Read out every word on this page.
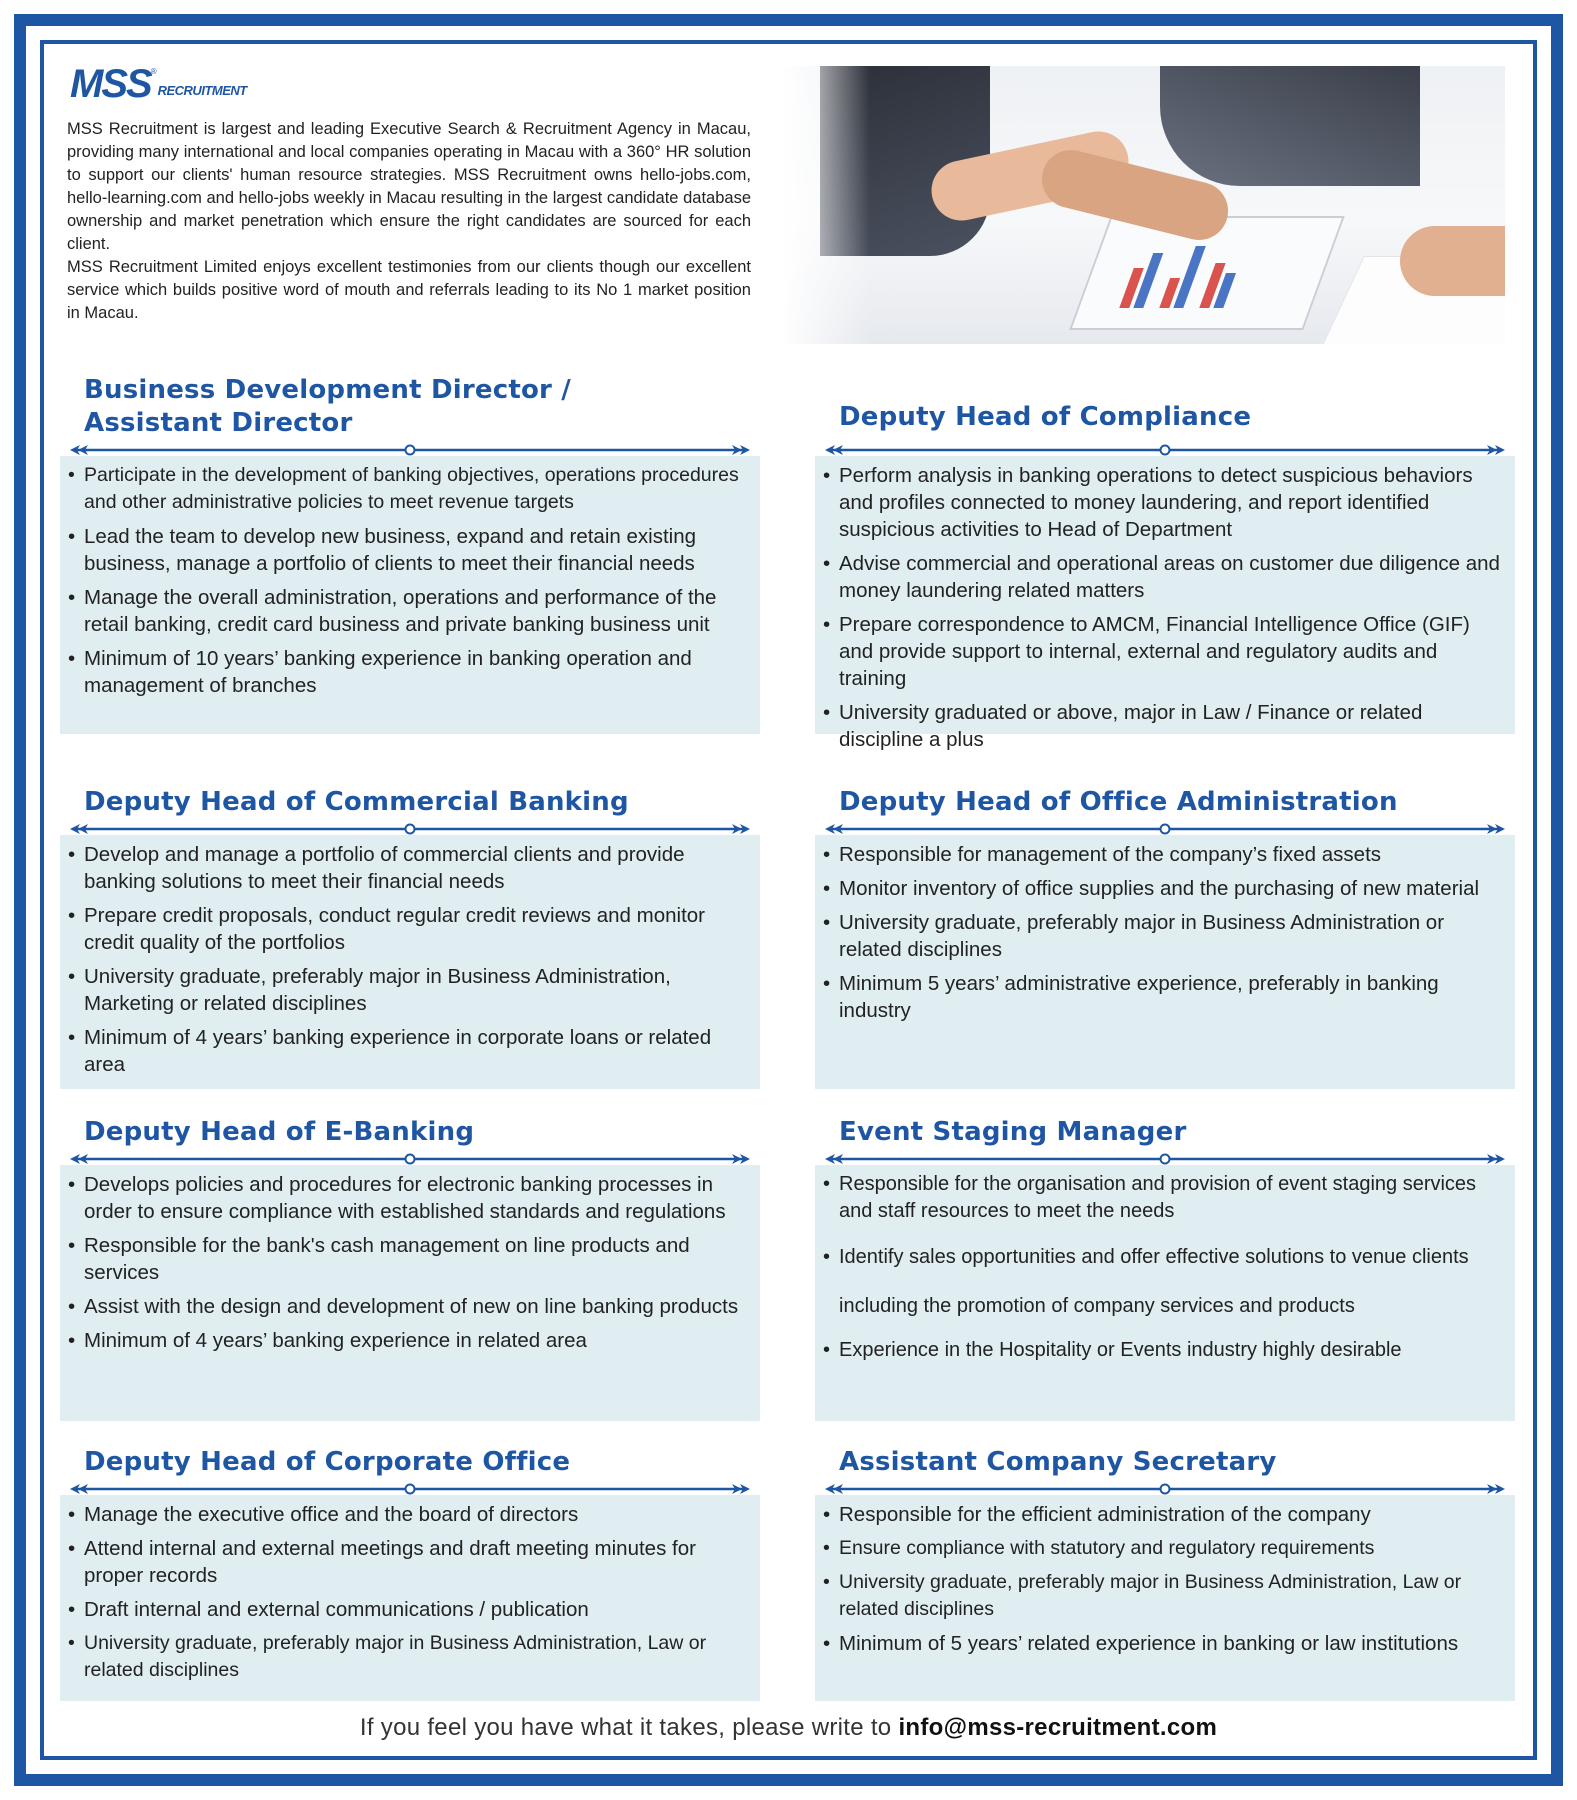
MSS ®
RECRUITMENT

MSS Recruitment is largest and leading Executive Search & Recruitment Agency in Macau, providing many international and local companies operating in Macau with a 360° HR solution to support our clients' human resource strategies. MSS Recruitment owns hello-jobs.com, hello-learning.com and hello-jobs weekly in Macau resulting in the largest candidate database ownership and market penetration which ensure the right candidates are sourced for each client.

MSS Recruitment Limited enjoys excellent testimonies from our clients though our excellent service which builds positive word of mouth and referrals leading to its No 1 market position in Macau.

Business Development Director / Assistant Director
• Participate in the development of banking objectives, operations procedures and other administrative policies to meet revenue targets
• Lead the team to develop new business, expand and retain existing business, manage a portfolio of clients to meet their financial needs
• Manage the overall administration, operations and performance of the retail banking, credit card business and private banking business unit
• Minimum of 10 years’ banking experience in banking operation and management of branches
Deputy Head of Compliance
• Perform analysis in banking operations to detect suspicious behaviors and profiles connected to money laundering, and report identified suspicious activities to Head of Department
• Advise commercial and operational areas on customer due diligence and money laundering related matters
• Prepare correspondence to AMCM, Financial Intelligence Office (GIF) and provide support to internal, external and regulatory audits and training
• University graduated or above, major in Law / Finance or related discipline a plus
Deputy Head of Commercial Banking
• Develop and manage a portfolio of commercial clients and provide banking solutions to meet their financial needs
• Prepare credit proposals, conduct regular credit reviews and monitor credit quality of the portfolios
• University graduate, preferably major in Business Administration, Marketing or related disciplines
• Minimum of 4 years’ banking experience in corporate loans or related area
Deputy Head of Office Administration
• Responsible for management of the company’s fixed assets
• Monitor inventory of office supplies and the purchasing of new material
• University graduate, preferably major in Business Administration or related disciplines
• Minimum 5 years’ administrative experience, preferably in banking industry
Deputy Head of E-Banking
• Develops policies and procedures for electronic banking processes in order to ensure compliance with established standards and regulations
• Responsible for the bank's cash management on line products and services
• Assist with the design and development of new on line banking products
• Minimum of 4 years’ banking experience in related area
Event Staging Manager
• Responsible for the organisation and provision of event staging services and staff resources to meet the needs
• Identify sales opportunities and offer effective solutions to venue clients including the promotion of company services and products
• Experience in the Hospitality or Events industry highly desirable
Deputy Head of Corporate Office
• Manage the executive office and the board of directors
• Attend internal and external meetings and draft meeting minutes for proper records
• Draft internal and external communications / publication
• University graduate, preferably major in Business Administration, Law or related disciplines
Assistant Company Secretary
• Responsible for the efficient administration of the company
• Ensure compliance with statutory and regulatory requirements
• University graduate, preferably major in Business Administration, Law or related disciplines
• Minimum of 5 years’ related experience in banking or law institutions
If you feel you have what it takes, please write to info@mss-recruitment.com
